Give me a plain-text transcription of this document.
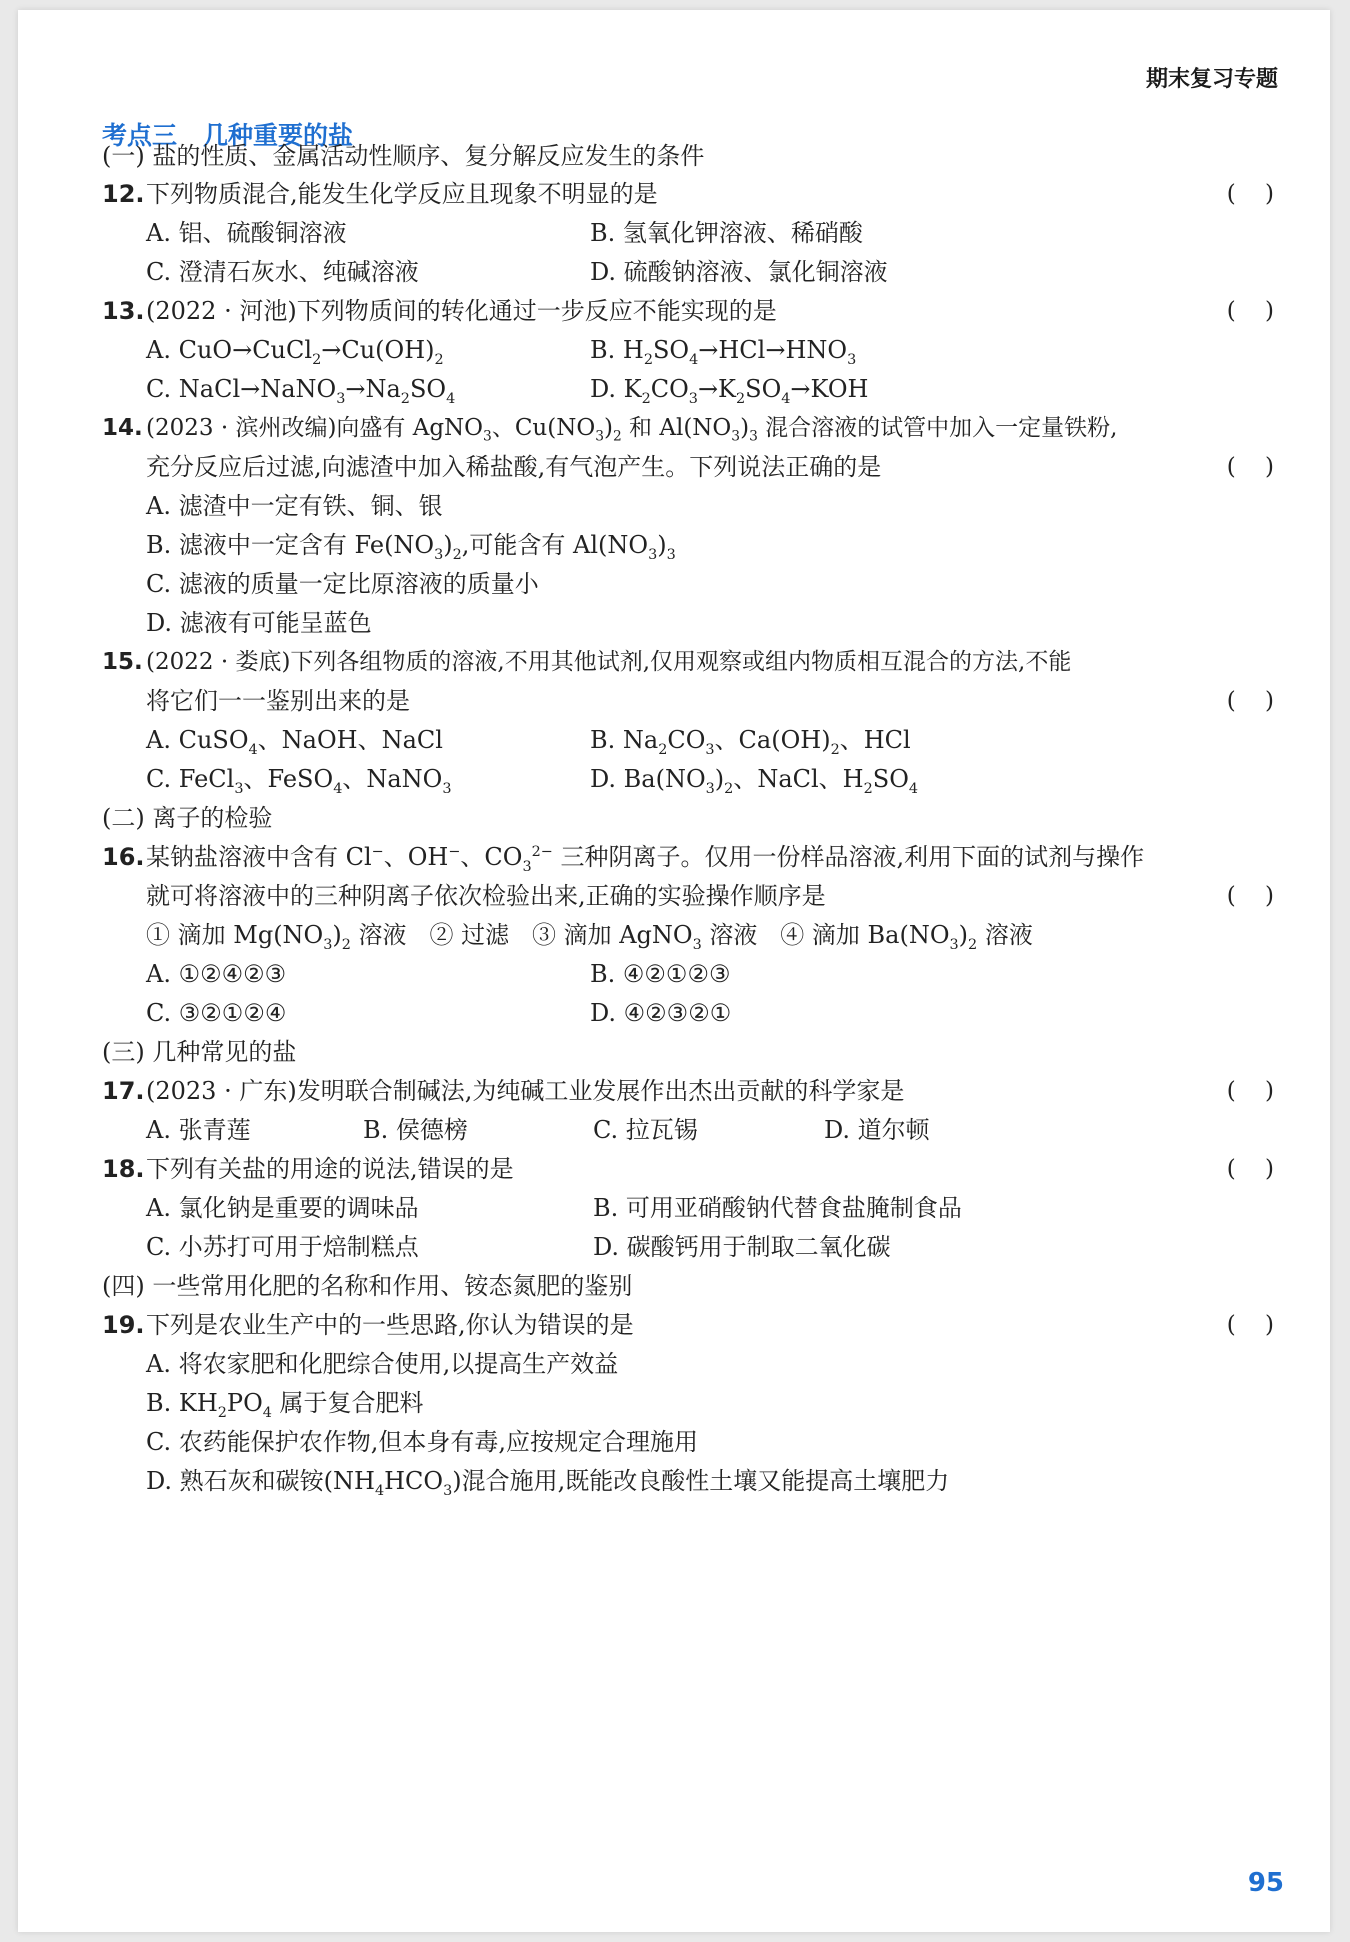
期末复习专题
考点三 几种重要的盐
(一) 盐的性质、金属活动性顺序、复分解反应发生的条件
12.下列物质混合,能发生化学反应且现象不明显的是	( )
A. 铝、硫酸铜溶液	B. 氢氧化钾溶液、稀硝酸
C. 澄清石灰水、纯碱溶液	D. 硫酸钠溶液、氯化铜溶液
13.(2022 · 河池)下列物质间的转化通过一步反应不能实现的是	( )
A. $CuO\to CuCl_2\to Cu(OH)_2$	B. $H_2SO_4\to HCl\to HNO_3$
C. $NaCl\to NaNO_3\to Na_2SO_4$	D. $K_2CO_3\to K_2SO_4\to KOH$
14. (2023 · 滨州改编)向盛有 AgNO$_3$、$Cu(NO_3)_2$ 和 $Al(NO_3)_3$ 混合溶液的试管中加入一定量铁粉,
充分反应后过滤,向滤渣中加入稀盐酸,有气泡产生。下列说法正确的是	( )
A. 滤渣中一定有铁、铜、银
B. 滤液中一定含有 $Fe(NO_3)_2$,可能含有 $Al(NO_3)_3$
C. 滤液的质量一定比原溶液的质量小
D. 滤液有可能呈蓝色
15. (2022 · 娄底)下列各组物质的溶液,不用其他试剂,仅用观察或组内物质相互混合的方法,不能
将它们一一鉴别出来的是	( )
A. CuSO$_4$、NaOH、NaCl	B. $Na_2CO_3$、$Ca(OH)_2$、HCl
C. FeCl$_3$、FeSO$_4$、NaNO$_3$	D. $Ba(NO_3)_2$、NaCl、$H_2SO_4$
(二) 离子的检验
16.某钠盐溶液中含有 Cl−、OH−、$CO_3^{2-}$ 三种阴离子。仅用一份样品溶液,利用下面的试剂与操作
就可将溶液中的三种阴离子依次检验出来,正确的实验操作顺序是	( )
① 滴加 $Mg(NO_3)_2$ 溶液   ② 过滤   ③ 滴加 AgNO$_3$ 溶液   ④ 滴加 $Ba(NO_3)_2$ 溶液
A. ①②④②③	B. ④②①②③
C. ③②①②④	D. ④②③②①
(三) 几种常见的盐
17.(2023 · 广东)发明联合制碱法,为纯碱工业发展作出杰出贡献的科学家是	( )
A. 张青莲	B. 侯德榜	C. 拉瓦锡	D. 道尔顿
18.下列有关盐的用途的说法,错误的是	( )
A. 氯化钠是重要的调味品	B. 可用亚硝酸钠代替食盐腌制食品
C. 小苏打可用于焙制糕点	D. 碳酸钙用于制取二氧化碳
(四) 一些常用化肥的名称和作用、铵态氮肥的鉴别
19.下列是农业生产中的一些思路,你认为错误的是	( )
A. 将农家肥和化肥综合使用,以提高生产效益
B. $KH_2PO_4$ 属于复合肥料
C. 农药能保护农作物,但本身有毒,应按规定合理施用
D. 熟石灰和碳铵$(NH_4HCO_3)$混合施用,既能改良酸性土壤又能提高土壤肥力
95
